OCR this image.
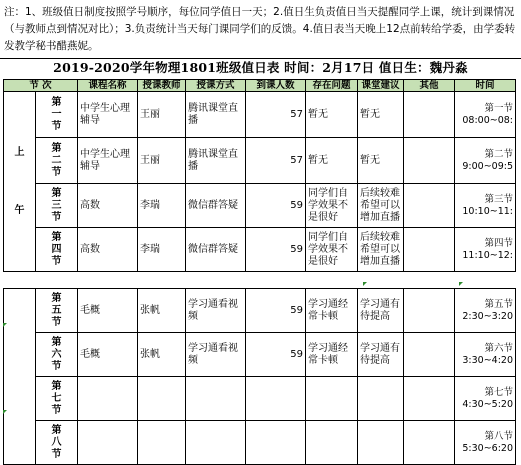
注：1、班级值日制度按照学号顺序，每位同学值日一天；2.值日生负责值日当天提醒同学上课，统计到课情况（与教师点到情况对比）；3.负责统计当天每门课同学们的反馈。4.值日表当天晚上12点前转给学委，由学委转发教学秘书醋燕妮。
2019-2020学年物理1801班级值日表 时间：2月17日 值日生：魏丹淼
节 次		课程名称	授课教师	授课方式	到课人数	存在问题	课堂建议	其他	时间
上午	第一节	中学生心理辅导	王丽	腾讯课堂直播	57	暂无	暂无		第一节
08:00~08:

	第二节	中学生心理辅导	王丽	腾讯课堂直播	57	暂无	暂无		第二节
9:00~09:5

	第三节	高数	李瑞	微信群答疑	59	同学们自学效果不是很好	后续较难希望可以增加直播		第三节
10:10~11:

	第四节	高数	李瑞	微信群答疑	59	同学们自学效果不是很好	后续较难希望可以增加直播		第四节
11:10~12:

	第五节	毛概	张帆	学习通看视频	59	学习通经常卡顿	学习通有待提高		第五节
2:30~3:20

	第六节	毛概	张帆	学习通看视频	59	学习通经常卡顿	学习通有待提高		第六节
3:30~4:20

	第七节								第七节
4:30~5:20

	第八节								第八节
5:30~6:20
